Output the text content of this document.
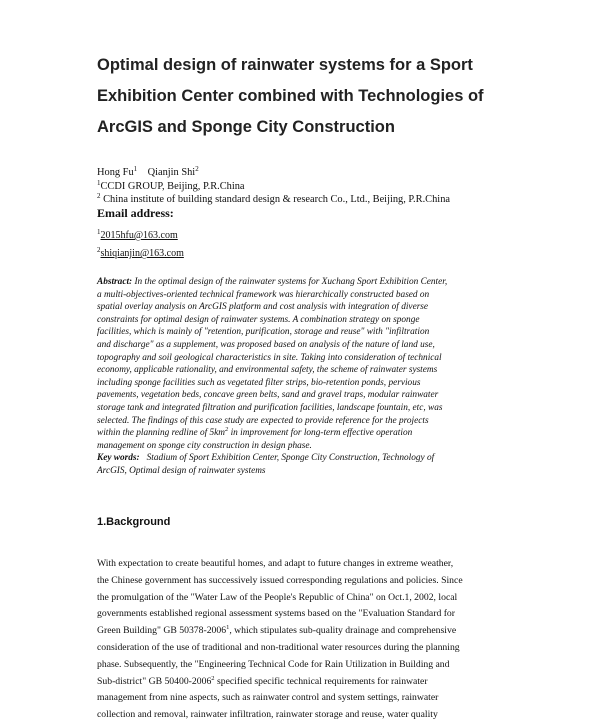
Optimal design of rainwater systems for a Sport
Exhibition Center combined with Technologies of
ArcGIS and Sponge City Construction
Hong Fu$^1$ Qianjin Shi$^2$
$^1$CCDI GROUP, Beijing, P.R.China
$^2$ China institute of building standard design & research Co., Ltd., Beijing, P.R.China
Email address:
$^1$2015hfu@163.com
$^2$shiqianjin@163.com
Abstract: In the optimal design of the rainwater systems for Xuchang Sport Exhibition Center,
a multi-objectives-oriented technical framework was hierarchically constructed based on
spatial overlay analysis on ArcGIS platform and cost analysis with integration of diverse
constraints for optimal design of rainwater systems. A combination strategy on sponge
facilities, which is mainly of "retention, purification, storage and reuse" with "infiltration
and discharge" as a supplement, was proposed based on analysis of the nature of land use,
topography and soil geological characteristics in site. Taking into consideration of technical
economy, applicable rationality, and environmental safety, the scheme of rainwater systems
including sponge facilities such as vegetated filter strips, bio-retention ponds, pervious
pavements, vegetation beds, concave green belts, sand and gravel traps, modular rainwater
storage tank and integrated filtration and purification facilities, landscape fountain, etc, was
selected. The findings of this case study are expected to provide reference for the projects
within the planning redline of $5km^2$ in improvement for long-term effective operation
management on sponge city construction in design phase.
Key words: Stadium of Sport Exhibition Center, Sponge City Construction, Technology of
ArcGIS, Optimal design of rainwater systems
1.Background
With expectation to create beautiful homes, and adapt to future changes in extreme weather,
the Chinese government has successively issued corresponding regulations and policies. Since
the promulgation of the "Water Law of the People's Republic of China" on Oct.1, 2002, local
governments established regional assessment systems based on the "Evaluation Standard for
Green Building" GB 50378-2006$^1$, which stipulates sub-quality drainage and comprehensive
consideration of the use of traditional and non-traditional water resources during the planning
phase. Subsequently, the "Engineering Technical Code for Rain Utilization in Building and
Sub-district" GB 50400-2006$^2$ specified specific technical requirements for rainwater
management from nine aspects, such as rainwater control and system settings, rainwater
collection and removal, rainwater infiltration, rainwater storage and reuse, water quality
